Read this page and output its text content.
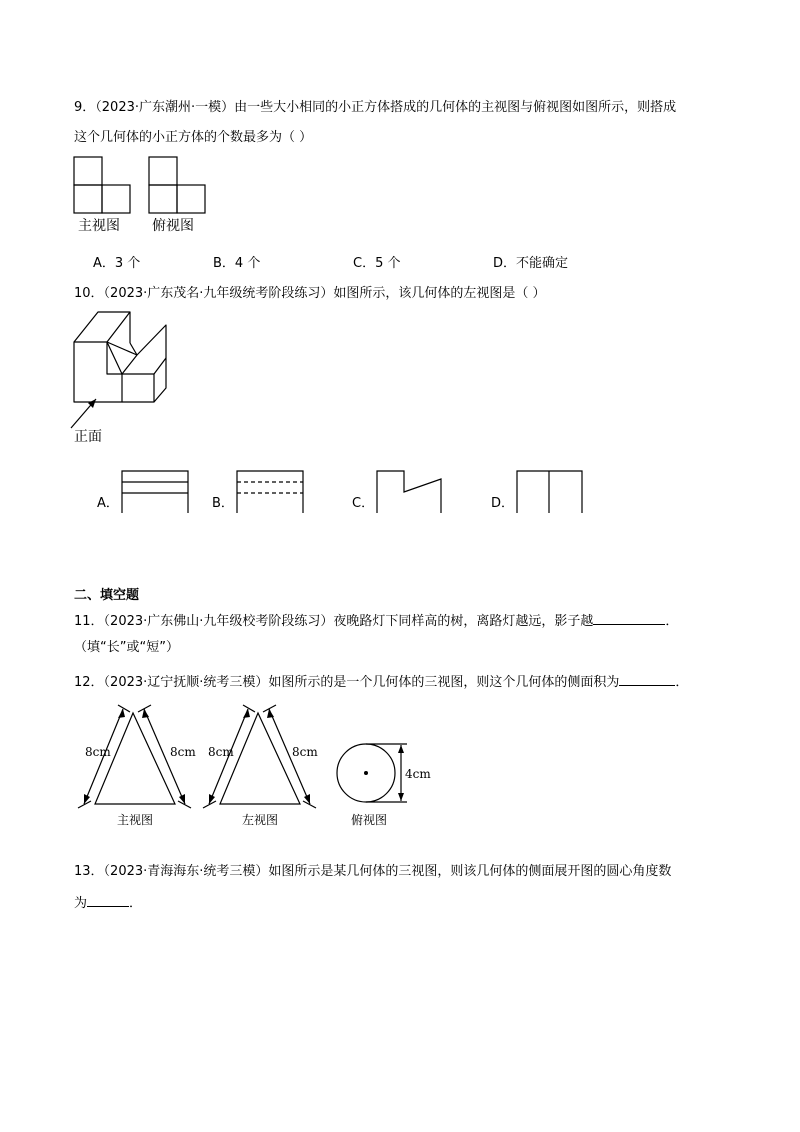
9．（2023·广东潮州·一模）由一些大小相同的小正方体搭成的几何体的主视图与俯视图如图所示，则搭成
这个几何体的小正方体的个数最多为（ ）
主视图 俯视图
A．3 个	B．4 个	C．5 个	D．不能确定
10．（2023·广东茂名·九年级统考阶段练习）如图所示，该几何体的左视图是（ ）
正面
A．	B．	C．	D．
二、填空题
11．（2023·广东佛山·九年级校考阶段练习）夜晚路灯下同样高的树，离路灯越远，影子越	．
（填“长”或“短”）
12．（2023·辽宁抚顺·统考三模）如图所示的是一个几何体的三视图，则这个几何体的侧面积为	．
8cm	8cm 8cm	8cm
4cm
主视图	左视图	俯视图
13．（2023·青海海东·统考三模）如图所示是某几何体的三视图，则该几何体的侧面展开图的圆心角度数
为	．
